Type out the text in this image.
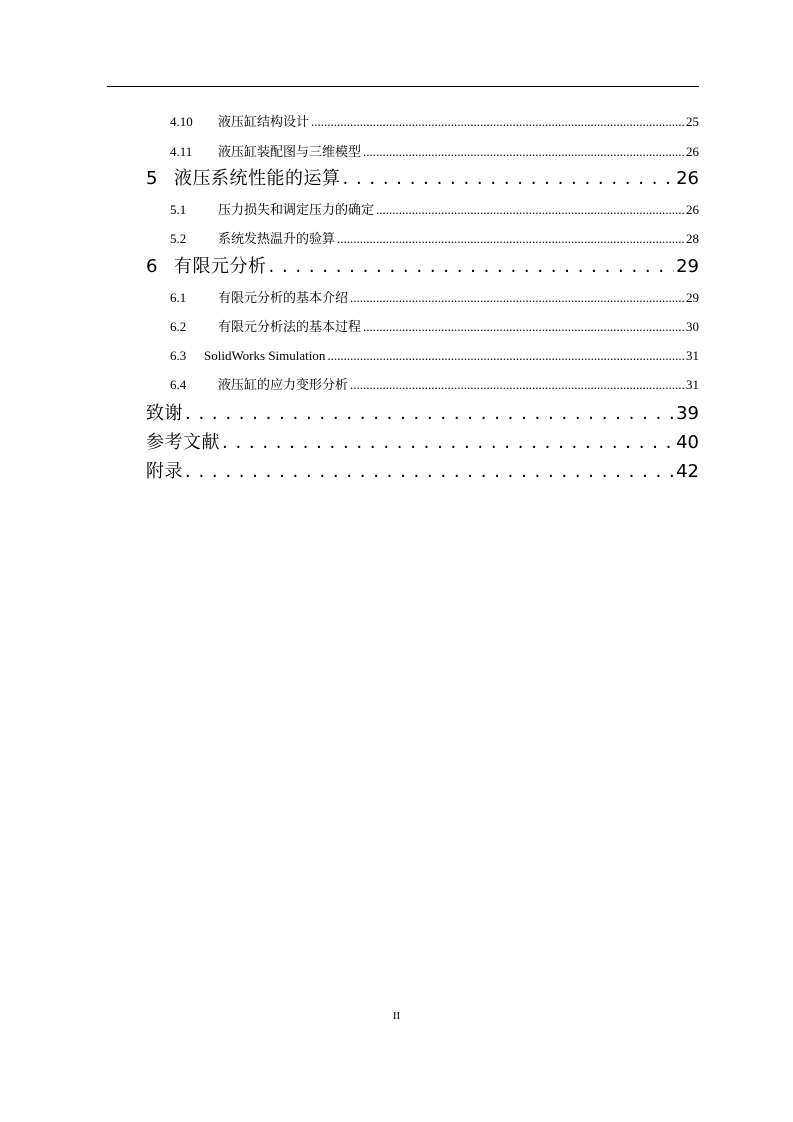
4.10	液压缸结构设计 .....	25
4.11	液压缸装配图与三维模型 .....	26
5 液压系统性能的运算 . . .	26
5.1	压力损失和调定压力的确定 .....	26
5.2	系统发热温升的验算 .....	28
6 有限元分析 . . .	29
6.1	有限元分析的基本介绍 .....	29
6.2	有限元分析法的基本过程 .....	30
6.3	SolidWorks Simulation .....	31
6.4	液压缸的应力变形分析 .....	31
致谢 . . .	39
参考文献 . . .	40
附录 . . .	42
II
